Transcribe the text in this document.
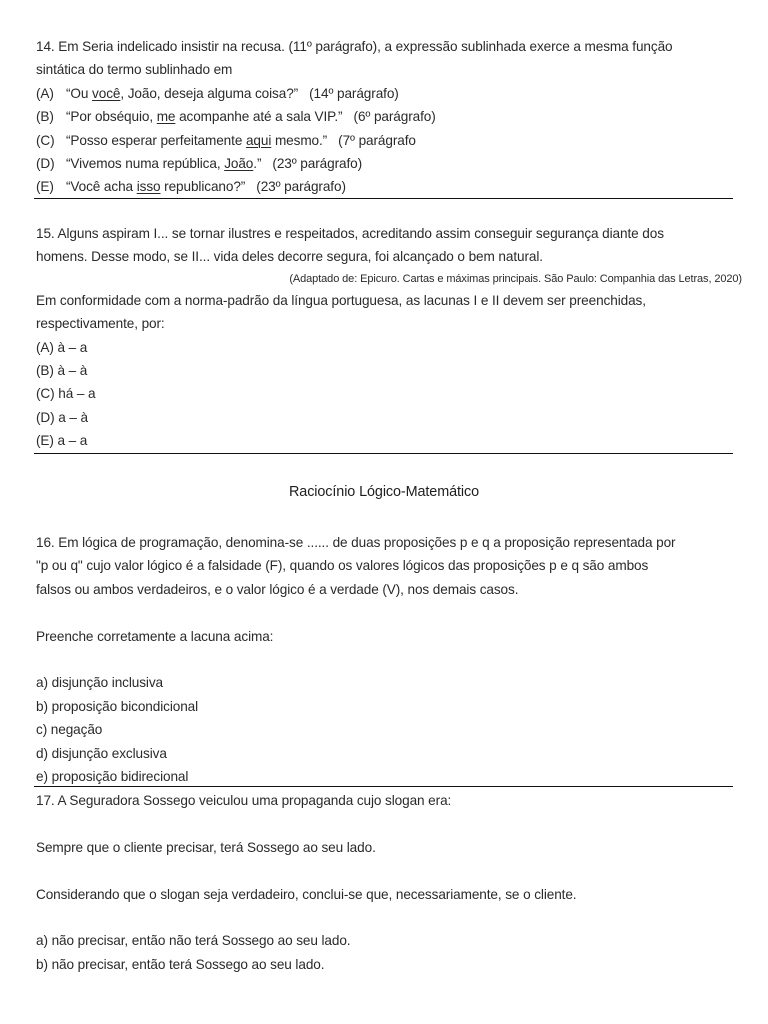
14. Em Seria indelicado insistir na recusa. (11º parágrafo), a expressão sublinhada exerce a mesma função
sintática do termo sublinhado em
(A) “Ou você, João, deseja alguma coisa?” (14º parágrafo)
(B) “Por obséquio, me acompanhe até a sala VIP.” (6º parágrafo)
(C) “Posso esperar perfeitamente aqui mesmo.” (7º parágrafo
(D) “Vivemos numa república, João.” (23º parágrafo)
(E) “Você acha isso republicano?” (23º parágrafo)
15. Alguns aspiram I... se tornar ilustres e respeitados, acreditando assim conseguir segurança diante dos
homens. Desse modo, se II... vida deles decorre segura, foi alcançado o bem natural.
(Adaptado de: Epicuro. Cartas e máximas principais. São Paulo: Companhia das Letras, 2020)
Em conformidade com a norma-padrão da língua portuguesa, as lacunas I e II devem ser preenchidas,
respectivamente, por:
(A) à – a
(B) à – à
(C) há – a
(D) a – à
(E) a – a
Raciocínio Lógico-Matemático
16. Em lógica de programação, denomina-se ...... de duas proposições p e q a proposição representada por
"p ou q" cujo valor lógico é a falsidade (F), quando os valores lógicos das proposições p e q são ambos
falsos ou ambos verdadeiros, e o valor lógico é a verdade (V), nos demais casos.
Preenche corretamente a lacuna acima:
a) disjunção inclusiva
b) proposição bicondicional
c) negação
d) disjunção exclusiva
e) proposição bidirecional
17. A Seguradora Sossego veiculou uma propaganda cujo slogan era:
Sempre que o cliente precisar, terá Sossego ao seu lado.
Considerando que o slogan seja verdadeiro, conclui-se que, necessariamente, se o cliente.
a) não precisar, então não terá Sossego ao seu lado.
b) não precisar, então terá Sossego ao seu lado.
